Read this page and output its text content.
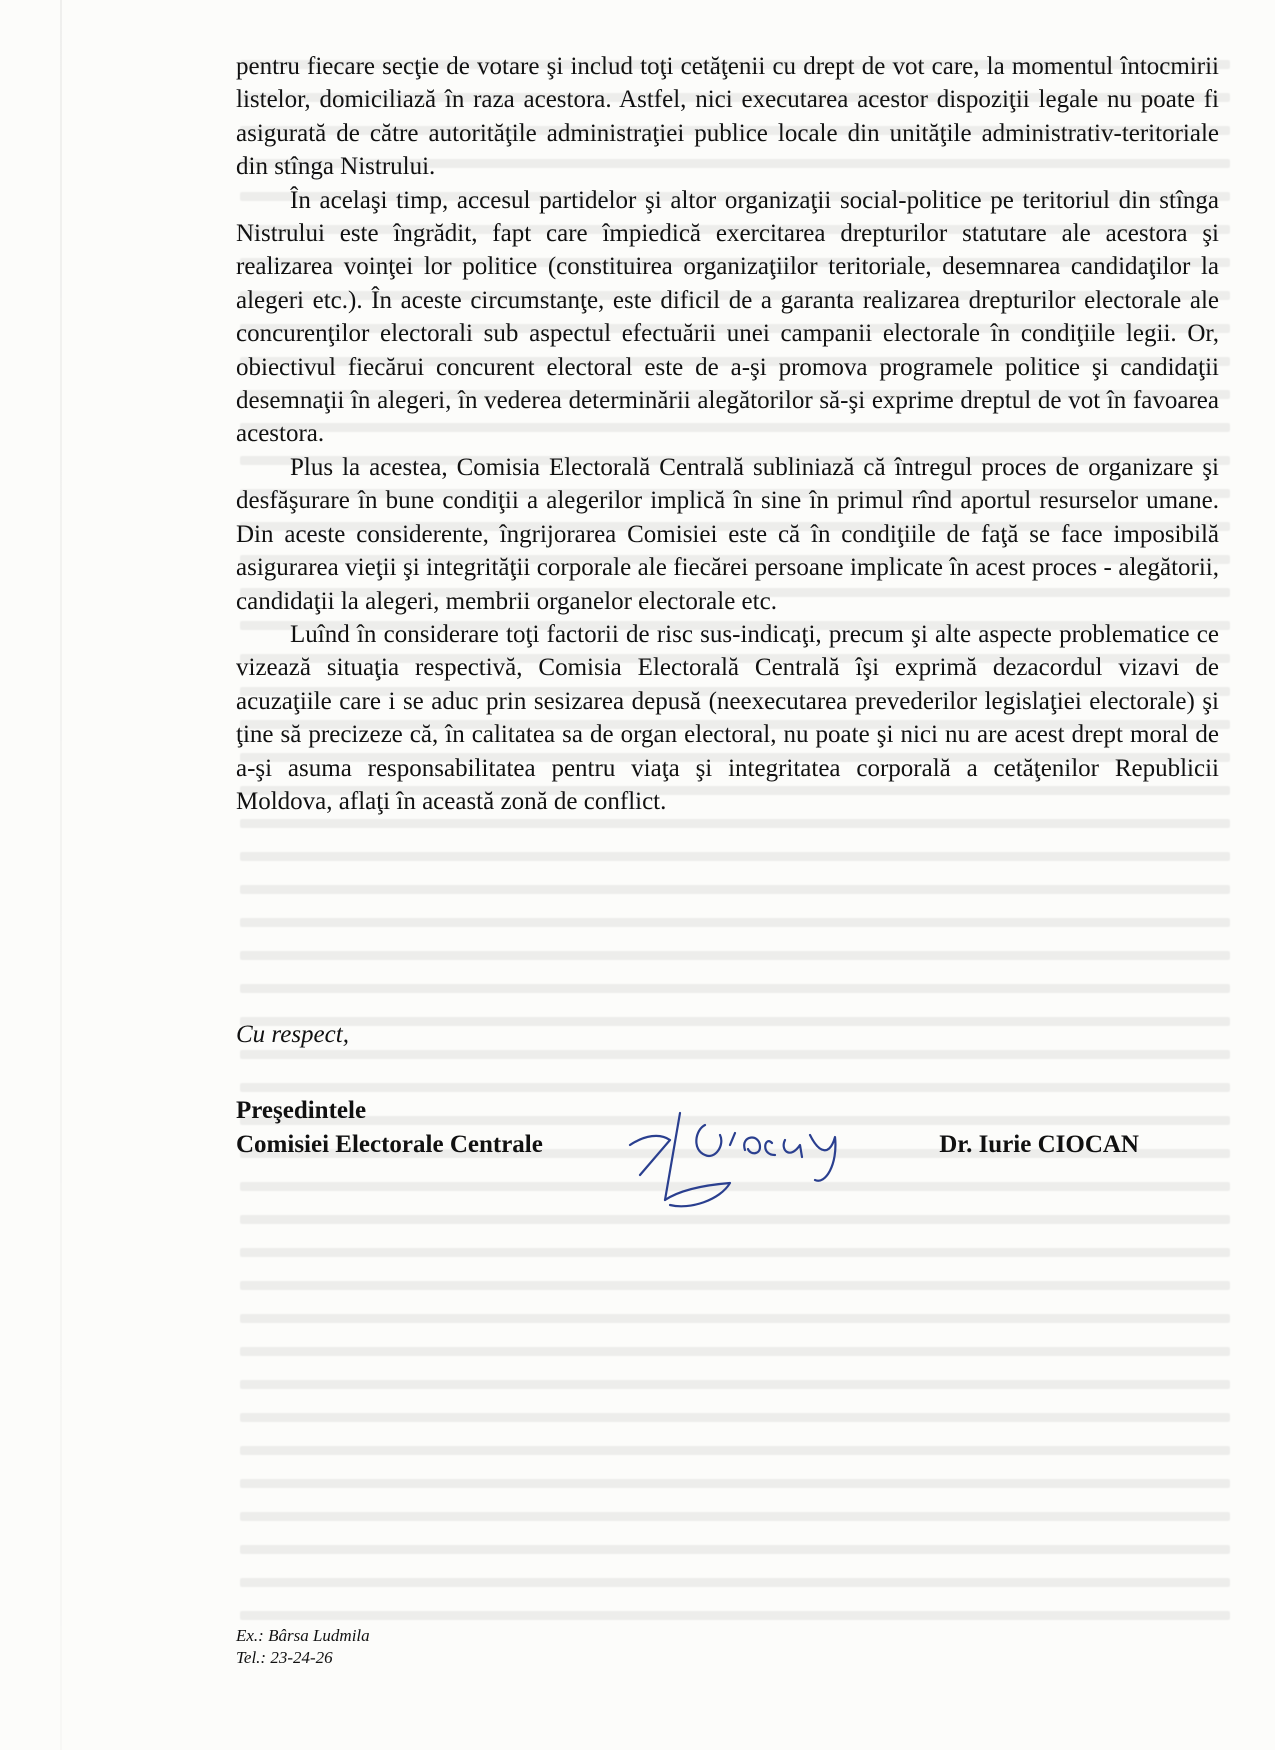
pentru fiecare secţie de votare şi includ toţi cetăţenii cu drept de vot care, la momentul întocmirii listelor, domiciliază în raza acestora. Astfel, nici executarea acestor dispoziţii legale nu poate fi asigurată de către autorităţile administraţiei publice locale din unităţile administrativ-teritoriale din stînga Nistrului.

În acelaşi timp, accesul partidelor şi altor organizaţii social-politice pe teritoriul din stînga Nistrului este îngrădit, fapt care împiedică exercitarea drepturilor statutare ale acestora şi realizarea voinţei lor politice (constituirea organizaţiilor teritoriale, desemnarea candidaţilor la alegeri etc.). În aceste circumstanţe, este dificil de a garanta realizarea drepturilor electorale ale concurenţilor electorali sub aspectul efectuării unei campanii electorale în condiţiile legii. Or, obiectivul fiecărui concurent electoral este de a-şi promova programele politice şi candidaţii desemnaţii în alegeri, în vederea determinării alegătorilor să-şi exprime dreptul de vot în favoarea acestora.

Plus la acestea, Comisia Electorală Centrală subliniază că întregul proces de organizare şi desfăşurare în bune condiţii a alegerilor implică în sine în primul rînd aportul resurselor umane. Din aceste considerente, îngrijorarea Comisiei este că în condiţiile de faţă se face imposibilă asigurarea vieţii şi integrităţii corporale ale fiecărei persoane implicate în acest proces - alegătorii, candidaţii la alegeri, membrii organelor electorale etc.

Luînd în considerare toţi factorii de risc sus-indicaţi, precum şi alte aspecte problematice ce vizează situaţia respectivă, Comisia Electorală Centrală îşi exprimă dezacordul vizavi de acuzaţiile care i se aduc prin sesizarea depusă (neexecutarea prevederilor legislaţiei electorale) şi ţine să precizeze că, în calitatea sa de organ electoral, nu poate şi nici nu are acest drept moral de a-şi asuma responsabilitatea pentru viaţa şi integritatea corporală a cetăţenilor Republicii Moldova, aflaţi în această zonă de conflict.

Cu respect,
Preşedintele
Comisiei Electorale Centrale	Dr. Iurie CIOCAN
Ex.: Bârsa Ludmila
Tel.: 23-24-26
